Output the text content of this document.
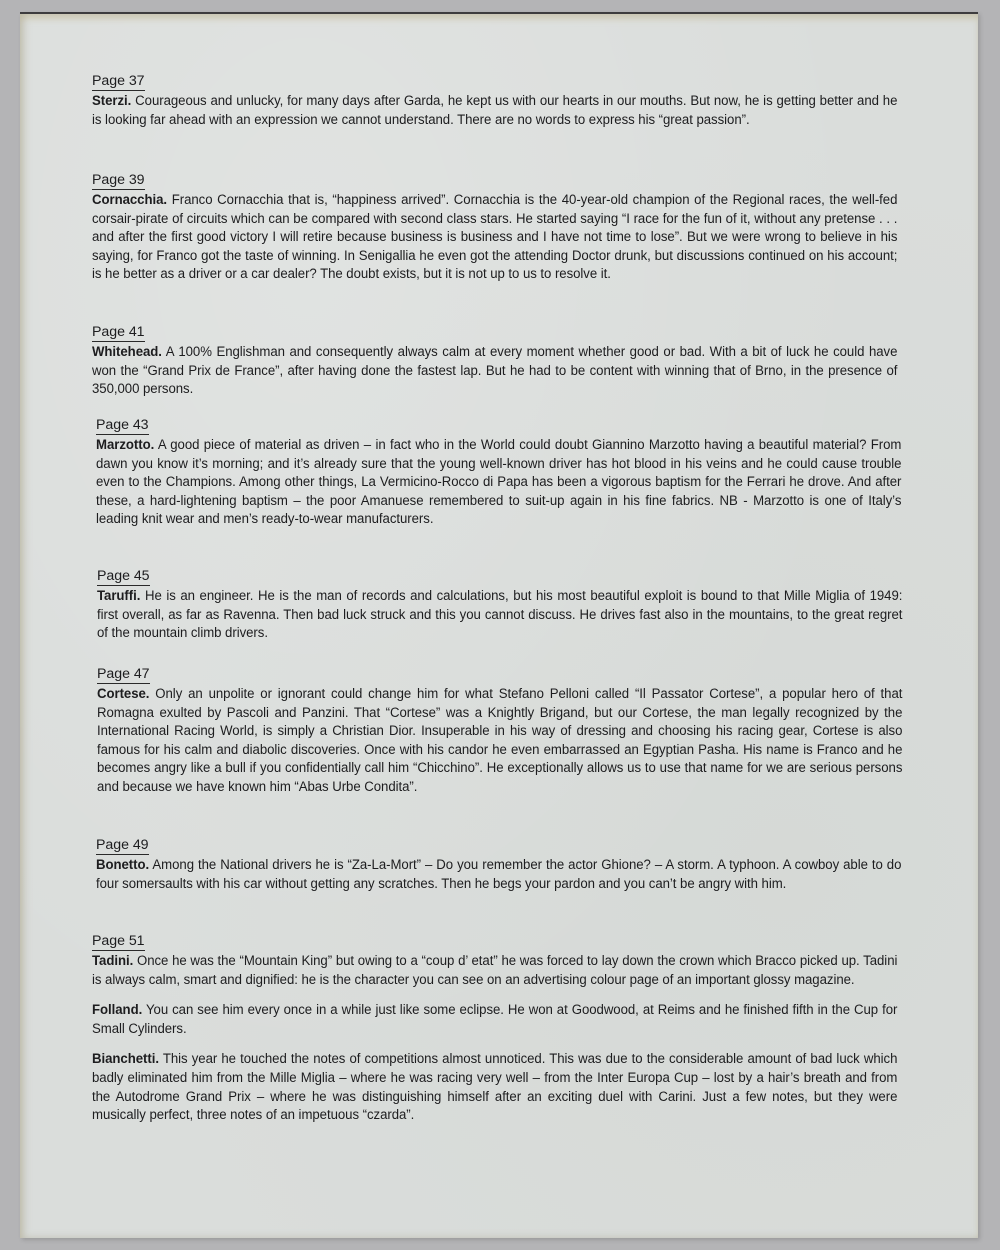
Page 37

Sterzi. Courageous and unlucky, for many days after Garda, he kept us with our hearts in our mouths. But now, he is getting better and he is looking far ahead with an expression we cannot understand. There are no words to express his “great passion”.

Page 39

Cornacchia. Franco Cornacchia that is, “happiness arrived”. Cornacchia is the 40-year-old champion of the Regional races, the well-fed corsair-pirate of circuits which can be compared with second class stars. He started saying “I race for the fun of it, without any pretense . . . and after the first good victory I will retire because business is business and I have not time to lose”. But we were wrong to believe in his saying, for Franco got the taste of winning. In Senigallia he even got the attending Doctor drunk, but discussions continued on his account; is he better as a driver or a car dealer? The doubt exists, but it is not up to us to resolve it.

Page 41

Whitehead. A 100% Englishman and consequently always calm at every moment whether good or bad. With a bit of luck he could have won the “Grand Prix de France”, after having done the fastest lap. But he had to be content with winning that of Brno, in the presence of 350,000 persons.

Page 43

Marzotto. A good piece of material as driven – in fact who in the World could doubt Giannino Marzotto having a beautiful material? From dawn you know it’s morning; and it’s already sure that the young well-known driver has hot blood in his veins and he could cause trouble even to the Champions. Among other things, La Vermicino-Rocco di Papa has been a vigorous baptism for the Ferrari he drove. And after these, a hard-lightening baptism – the poor Amanuese remembered to suit-up again in his fine fabrics. NB - Marzotto is one of Italy’s leading knit wear and men’s ready-to-wear manufacturers.

Page 45

Taruffi. He is an engineer. He is the man of records and calculations, but his most beautiful exploit is bound to that Mille Miglia of 1949: first overall, as far as Ravenna. Then bad luck struck and this you cannot discuss. He drives fast also in the mountains, to the great regret of the mountain climb drivers.

Page 47

Cortese. Only an unpolite or ignorant could change him for what Stefano Pelloni called “Il Passator Cortese”, a popular hero of that Romagna exulted by Pascoli and Panzini. That “Cortese” was a Knightly Brigand, but our Cortese, the man legally recognized by the International Racing World, is simply a Christian Dior. Insuperable in his way of dressing and choosing his racing gear, Cortese is also famous for his calm and diabolic discoveries. Once with his candor he even embarrassed an Egyptian Pasha. His name is Franco and he becomes angry like a bull if you confidentially call him “Chicchino”. He exceptionally allows us to use that name for we are serious persons and because we have known him “Abas Urbe Condita”.

Page 49

Bonetto. Among the National drivers he is “Za-La-Mort” – Do you remember the actor Ghione? – A storm. A typhoon. A cowboy able to do four somersaults with his car without getting any scratches. Then he begs your pardon and you can’t be angry with him.

Page 51

Tadini. Once he was the “Mountain King” but owing to a “coup d’ etat” he was forced to lay down the crown which Bracco picked up. Tadini is always calm, smart and dignified: he is the character you can see on an advertising colour page of an important glossy magazine.

Folland. You can see him every once in a while just like some eclipse. He won at Goodwood, at Reims and he finished fifth in the Cup for Small Cylinders.

Bianchetti. This year he touched the notes of competitions almost unnoticed. This was due to the considerable amount of bad luck which badly eliminated him from the Mille Miglia – where he was racing very well – from the Inter Europa Cup – lost by a hair’s breath and from the Autodrome Grand Prix – where he was distinguishing himself after an exciting duel with Carini. Just a few notes, but they were musically perfect, three notes of an impetuous “czarda”.
